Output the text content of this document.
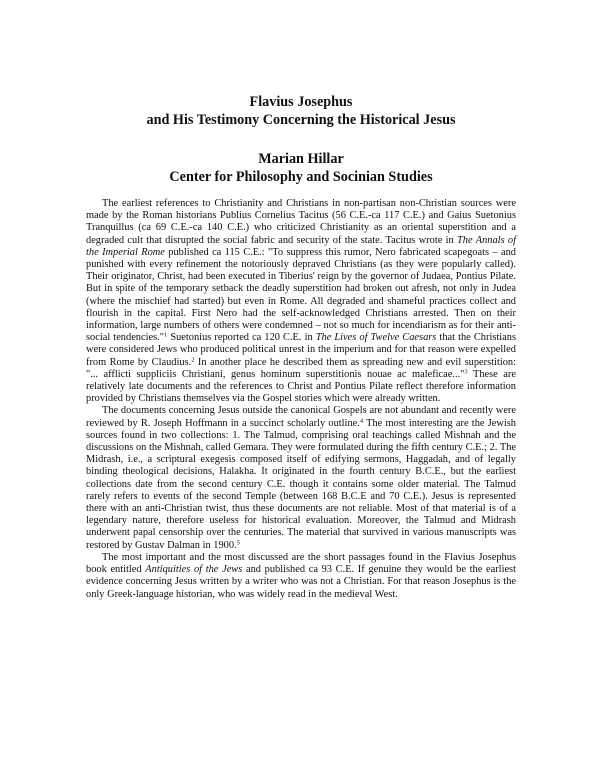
Flavius Josephus
and His Testimony Concerning the Historical Jesus
Marian Hillar
Center for Philosophy and Socinian Studies

The earliest references to Christianity and Christians in non-partisan non-Christian sources were made by the Roman historians Publius Cornelius Tacitus (56 C.E.-ca 117 C.E.) and Gaius Suetonius Tranquillus (ca 69 C.E.-ca 140 C.E.) who criticized Christianity as an oriental superstition and a degraded cult that disrupted the social fabric and security of the state. Tacitus wrote in The Annals of the Imperial Rome published ca 115 C.E.: "To suppress this rumor, Nero fabricated scapegoats – and punished with every refinement the notoriously depraved Christians (as they were popularly called). Their originator, Christ, had been executed in Tiberius' reign by the governor of Judaea, Pontius Pilate. But in spite of the temporary setback the deadly superstition had broken out afresh, not only in Judea (where the mischief had started) but even in Rome. All degraded and shameful practices collect and flourish in the capital. First Nero had the self-acknowledged Christians arrested. Then on their information, large numbers of others were condemned – not so much for incendiarism as for their anti-social tendencies."$^1$ Suetonius reported ca 120 C.E. in The Lives of Twelve Caesars that the Christians were considered Jews who produced political unrest in the imperium and for that reason were expelled from Rome by Claudius.$^2$ In another place he described them as spreading new and evil superstition: "... afflicti suppliciis Christiani, genus hominum superstitionis nouae ac maleficae..."$^3$ These are relatively late documents and the references to Christ and Pontius Pilate reflect therefore information provided by Christians themselves via the Gospel stories which were already written.

The documents concerning Jesus outside the canonical Gospels are not abundant and recently were reviewed by R. Joseph Hoffmann in a succinct scholarly outline.$^4$ The most interesting are the Jewish sources found in two collections: 1. The Talmud, comprising oral teachings called Mishnah and the discussions on the Mishnah, called Gemara. They were formulated during the fifth century C.E.; 2. The Midrash, i.e., a scriptural exegesis composed itself of edifying sermons, Haggadah, and of legally binding theological decisions, Halakha. It originated in the fourth century B.C.E., but the earliest collections date from the second century C.E. though it contains some older material. The Talmud rarely refers to events of the second Temple (between 168 B.C.E and 70 C.E.). Jesus is represented there with an anti-Christian twist, thus these documents are not reliable. Most of that material is of a legendary nature, therefore useless for historical evaluation. Moreover, the Talmud and Midrash underwent papal censorship over the centuries. The material that survived in various manuscripts was restored by Gustav Dalman in 1900.$^5$

The most important and the most discussed are the short passages found in the Flavius Josephus book entitled Antiquities of the Jews and published ca 93 C.E. If genuine they would be the earliest evidence concerning Jesus written by a writer who was not a Christian. For that reason Josephus is the only Greek-language historian, who was widely read in the medieval West.
